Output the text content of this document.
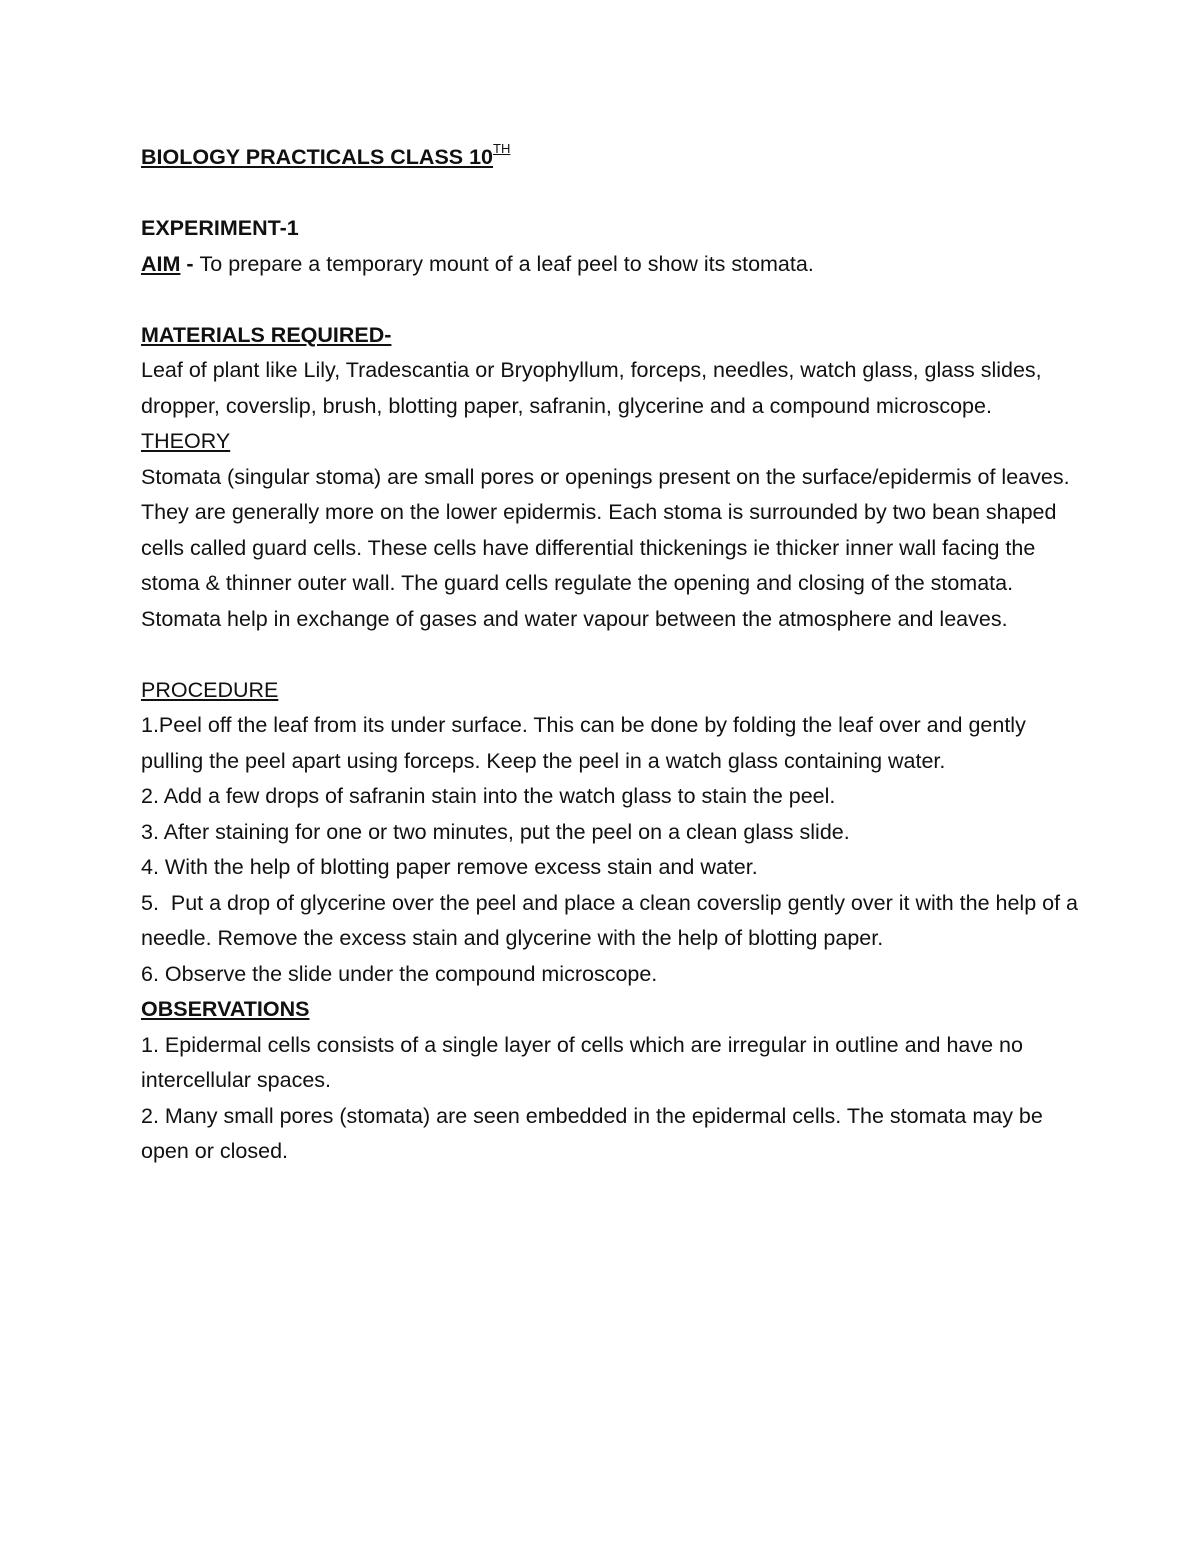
BIOLOGY PRACTICALS CLASS 10TH

EXPERIMENT-1

AIM - To prepare a temporary mount of a leaf peel to show its stomata.

MATERIALS REQUIRED-

Leaf of plant like Lily, Tradescantia or Bryophyllum, forceps, needles, watch glass, glass slides, dropper, coverslip, brush, blotting paper, safranin, glycerine and a compound microscope.

THEORY

Stomata (singular stoma) are small pores or openings present on the surface/epidermis of leaves. They are generally more on the lower epidermis. Each stoma is surrounded by two bean shaped cells called guard cells. These cells have differential thickenings ie thicker inner wall facing the stoma & thinner outer wall. The guard cells regulate the opening and closing of the stomata. Stomata help in exchange of gases and water vapour between the atmosphere and leaves.

PROCEDURE

1.Peel off the leaf from its under surface. This can be done by folding the leaf over and gently pulling the peel apart using forceps. Keep the peel in a watch glass containing water.

2. Add a few drops of safranin stain into the watch glass to stain the peel.

3. After staining for one or two minutes, put the peel on a clean glass slide.

4. With the help of blotting paper remove excess stain and water.

5.  Put a drop of glycerine over the peel and place a clean coverslip gently over it with the help of a needle. Remove the excess stain and glycerine with the help of blotting paper.

6. Observe the slide under the compound microscope.

OBSERVATIONS

1. Epidermal cells consists of a single layer of cells which are irregular in outline and have no intercellular spaces.

2. Many small pores (stomata) are seen embedded in the epidermal cells. The stomata may be open or closed.
